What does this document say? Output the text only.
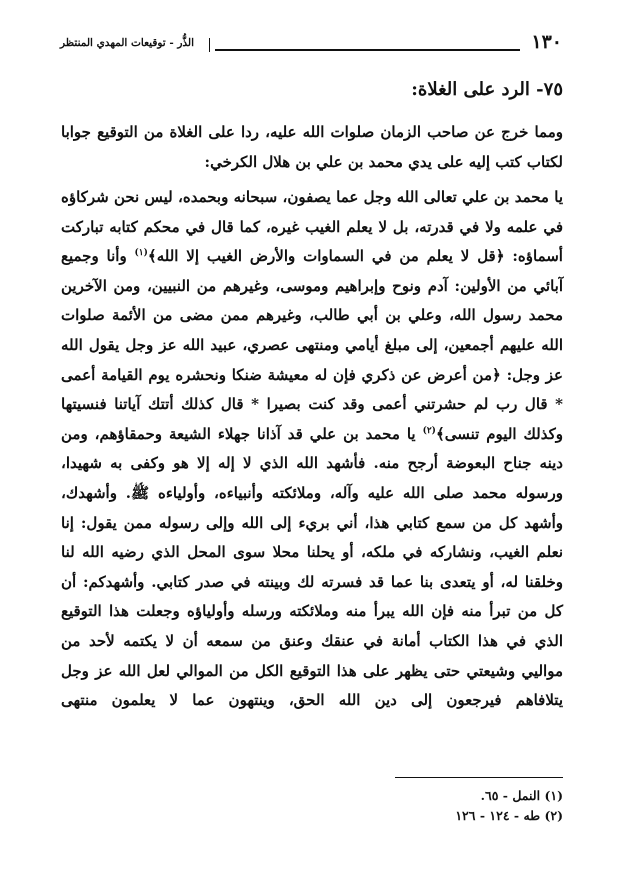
١٣٠
الذُّر - توقيعات المهدي المنتظر
٧٥- الرد على الغلاة:

ومما خرج عن صاحب الزمان صلوات الله عليه، ردا على الغلاة من التوقيع جوابا لكتاب كتب إليه على يدي محمد بن علي بن هلال الكرخي:

يا محمد بن علي تعالى الله وجل عما يصفون، سبحانه وبحمده، ليس نحن شركاؤه في علمه ولا في قدرته، بل لا يعلم الغيب غيره، كما قال في محكم كتابه تباركت أسماؤه: ﴿قل لا يعلم من في السماوات والأرض الغيب إلا الله﴾$^{(١)}$ وأنا وجميع آبائي من الأولين: آدم ونوح وإبراهيم وموسى، وغيرهم من النبيين، ومن الآخرين محمد رسول الله، وعلي بن أبي طالب، وغيرهم ممن مضى من الأئمة صلوات الله عليهم أجمعين، إلى مبلغ أيامي ومنتهى عصري، عبيد الله عز وجل يقول الله عز وجل: ﴿من أعرض عن ذكري فإن له معيشة ضنكا ونحشره يوم القيامة أعمى * قال رب لم حشرتني أعمى وقد كنت بصيرا * قال كذلك أتتك آياتنا فنسيتها وكذلك اليوم تنسى﴾$^{(٢)}$ يا محمد بن علي قد آذانا جهلاء الشيعة وحمقاؤهم، ومن دينه جناح البعوضة أرجح منه. فأشهد الله الذي لا إله إلا هو وكفى به شهيدا، ورسوله محمد صلى الله عليه وآله، وملائكته وأنبياءه، وأولياءه ﷺ. وأشهدك، وأشهد كل من سمع كتابي هذا، أني بريء إلى الله وإلى رسوله ممن يقول: إنا نعلم الغيب، ونشاركه في ملكه، أو يحلنا محلا سوى المحل الذي رضيه الله لنا وخلقنا له، أو يتعدى بنا عما قد فسرته لك وبينته في صدر كتابي. وأشهدكم: أن كل من تبرأ منه فإن الله يبرأ منه وملائكته ورسله وأولياؤه وجعلت هذا التوقيع الذي في هذا الكتاب أمانة في عنقك وعنق من سمعه أن لا يكتمه لأحد من مواليي وشيعتي حتى يظهر على هذا التوقيع الكل من الموالي لعل الله عز وجل يتلافاهم فيرجعون إلى دين الله الحق، وينتهون عما لا يعلمون منتهى

(١) النمل - ٦٥.
(٢) طه - ١٢٤ - ١٢٦
